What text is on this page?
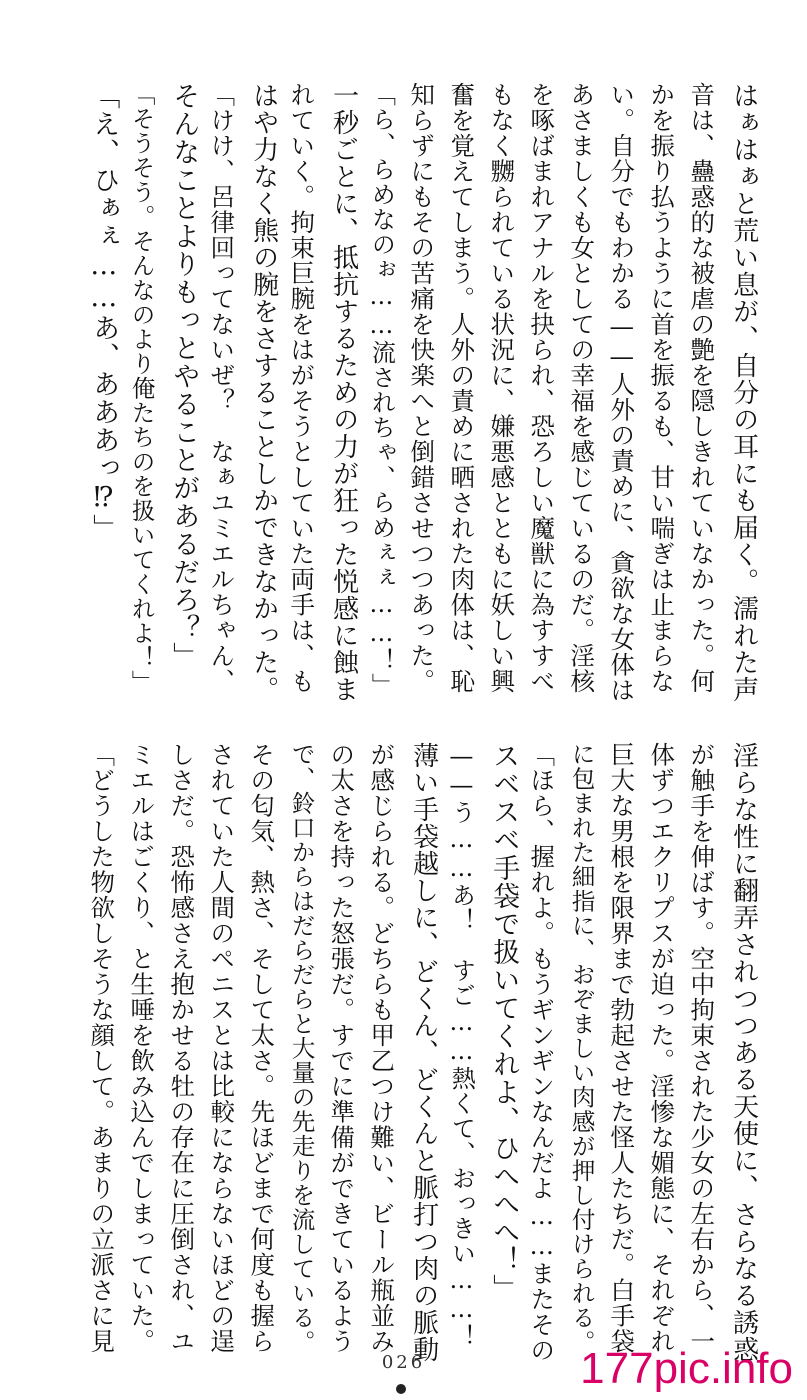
はぁはぁと荒い息が、自分の耳にも届く。濡れた声
音は、蠱惑的な被虐の艶を隠しきれていなかった。何
かを振り払うように首を振るも、甘い喘ぎは止まらな
い。自分でもわかる——人外の責めに、貪欲な女体は
あさましくも女としての幸福を感じているのだ。淫核
を啄ばまれアナルを抉られ、恐ろしい魔獣に為すすべ
もなく嬲られている状況に、嫌悪感とともに妖しい興
奮を覚えてしまう。人外の責めに晒された肉体は、恥
知らずにもその苦痛を快楽へと倒錯させつつあった。
「ら、らめなのぉ……流されちゃ、らめぇぇ……！」
一秒ごとに、抵抗するための力が狂った悦感に蝕ま
れていく。拘束巨腕をはがそうとしていた両手は、も
はや力なく熊の腕をさすることしかできなかった。
「けけ、呂律回ってないぜ？　なぁユミエルちゃん、
そんなことよりもっとやることがあるだろ？」
「そうそう。そんなのより俺たちのを扱いてくれよ！」
「え、ひぁぇ……あ、あああっ⁉」
淫らな性に翻弄されつつある天使に、さらなる誘惑
が触手を伸ばす。空中拘束された少女の左右から、一
体ずつエクリプスが迫った。淫惨な媚態に、それぞれ
巨大な男根を限界まで勃起させた怪人たちだ。白手袋
に包まれた細指に、おぞましい肉感が押し付けられる。
「ほら、握れよ。もうギンギンなんだよ……またその
スベスベ手袋で扱いてくれよ、ひへへへ！」
——う……あ！　すご……熱くて、おっきい……！
薄い手袋越しに、どくん、どくんと脈打つ肉の脈動
が感じられる。どちらも甲乙つけ難い、ビール瓶並み
の太さを持った怒張だ。すでに準備ができているよう
で、鈴口からはだらだらと大量の先走りを流している。
その匂気、熱さ、そして太さ。先ほどまで何度も握ら
されていた人間のペニスとは比較にならないほどの逞
しさだ。恐怖感さえ抱かせる牡の存在に圧倒され、ユ
ミエルはごくり、と生唾を飲み込んでしまっていた。
「どうした物欲しそうな顔して。あまりの立派さに見
026	177pic.info
